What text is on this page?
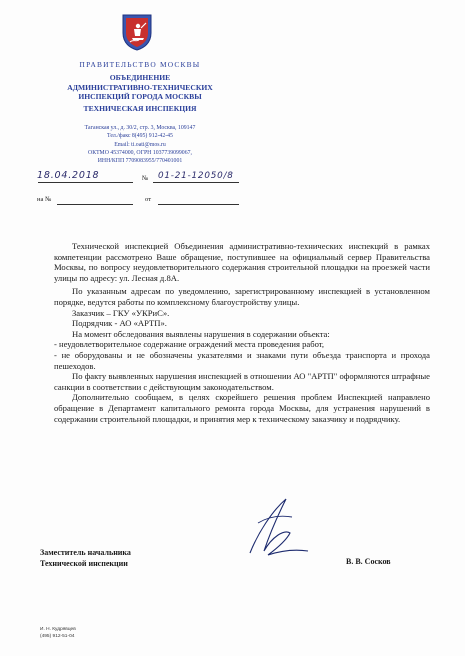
ПРАВИТЕЛЬСТВО МОСКВЫ
ОБЪЕДИНЕНИЕ
АДМИНИСТРАТИВНО-ТЕХНИЧЕСКИХ
ИНСПЕКЦИЙ ГОРОДА МОСКВЫ
ТЕХНИЧЕСКАЯ ИНСПЕКЦИЯ
Таганская ул., д. 30/2, стр. 3, Москва, 109147
Тел./факс 8(495) 912-42-45
Email: ti.oati@mos.ru
ОКТМО 45374000, ОГРН 1037739099067,
ИНН/КПП 7709083955/770401001
18.04.2018	№ 01-21-12050/8
на №	от

Технической инспекцией Объединения административно-технических инспекций в рамках компетенции рассмотрено Ваше обращение, поступившее на официальный сервер Правительства Москвы, по вопросу неудовлетворительного содержания строительной площадки на проезжей части улицы по адресу: ул. Лесная д.8А.

По указанным адресам по уведомлению, зарегистрированному инспекцией в установленном порядке, ведутся работы по комплексному благоустройству улицы.

Заказчик – ГКУ «УКРиС».

Подрядчик - АО «АРТП».

На момент обследования выявлены нарушения в содержании объекта:

- неудовлетворительное содержание ограждений места проведения работ,

- не оборудованы и не обозначены указателями и знаками пути объезда транспорта и прохода пешеходов.

По факту выявленных нарушения инспекцией в отношении АО "АРТП" оформляются штрафные санкции в соответствии с действующим законодательством.

Дополнительно сообщаем, в целях скорейшего решения проблем Инспекцией направлено обращение в Департамент капитального ремонта города Москвы, для устранения нарушений в содержании строительной площадки, и принятия мер к техническому заказчику и подрядчику.

Заместитель начальника
Технической инспекции	В. В. Сосков
И. Н. Кудрявцев
(495) 912-51-04
